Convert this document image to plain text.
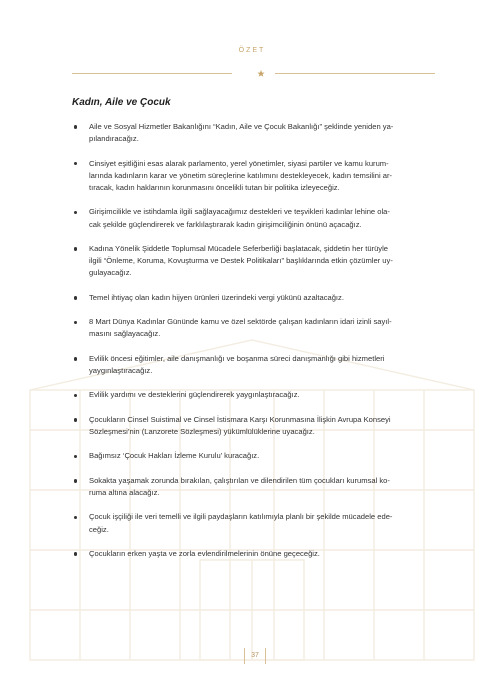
ÖZET
Kadın, Aile ve Çocuk
Aile ve Sosyal Hizmetler Bakanlığını “Kadın, Aile ve Çocuk Bakanlığı” şeklinde yeniden ya-
pılandıracağız.
Cinsiyet eşitliğini esas alarak parlamento, yerel yönetimler, siyasi partiler ve kamu kurum-
larında kadınların karar ve yönetim süreçlerine katılımını destekleyecek, kadın temsilini ar-
tıracak, kadın haklarının korunmasını öncelikli tutan bir politika izleyeceğiz.
Girişimcilikle ve istihdamla ilgili sağlayacağımız destekleri ve teşvikleri kadınlar lehine ola-
cak şekilde güçlendirerek ve farklılaştırarak kadın girişimciliğinin önünü açacağız.
Kadına Yönelik Şiddetle Toplumsal Mücadele Seferberliği başlatacak, şiddetin her türüyle
ilgili “Önleme, Koruma, Kovuşturma ve Destek Politikaları” başlıklarında etkin çözümler uy-
gulayacağız.
Temel ihtiyaç olan kadın hijyen ürünleri üzerindeki vergi yükünü azaltacağız.
8 Mart Dünya Kadınlar Gününde kamu ve özel sektörde çalışan kadınların idari izinli sayıl-
masını sağlayacağız.
Evlilik öncesi eğitimler, aile danışmanlığı ve boşanma süreci danışmanlığı gibi hizmetleri
yaygınlaştıracağız.
Evlilik yardımı ve desteklerini güçlendirerek yaygınlaştıracağız.
Çocukların Cinsel Suistimal ve Cinsel İstismara Karşı Korunmasına İlişkin Avrupa Konseyi
Sözleşmesi’nin (Lanzorete Sözleşmesi) yükümlülüklerine uyacağız.
Bağımsız ‘Çocuk Hakları İzleme Kurulu’ kuracağız.
Sokakta yaşamak zorunda bırakılan, çalıştırılan ve dilendirilen tüm çocukları kurumsal ko-
ruma altına alacağız.
Çocuk işçiliği ile veri temelli ve ilgili paydaşların katılımıyla planlı bir şekilde mücadele ede-
ceğiz.
Çocukların erken yaşta ve zorla evlendirilmelerinin önüne geçeceğiz.
37
